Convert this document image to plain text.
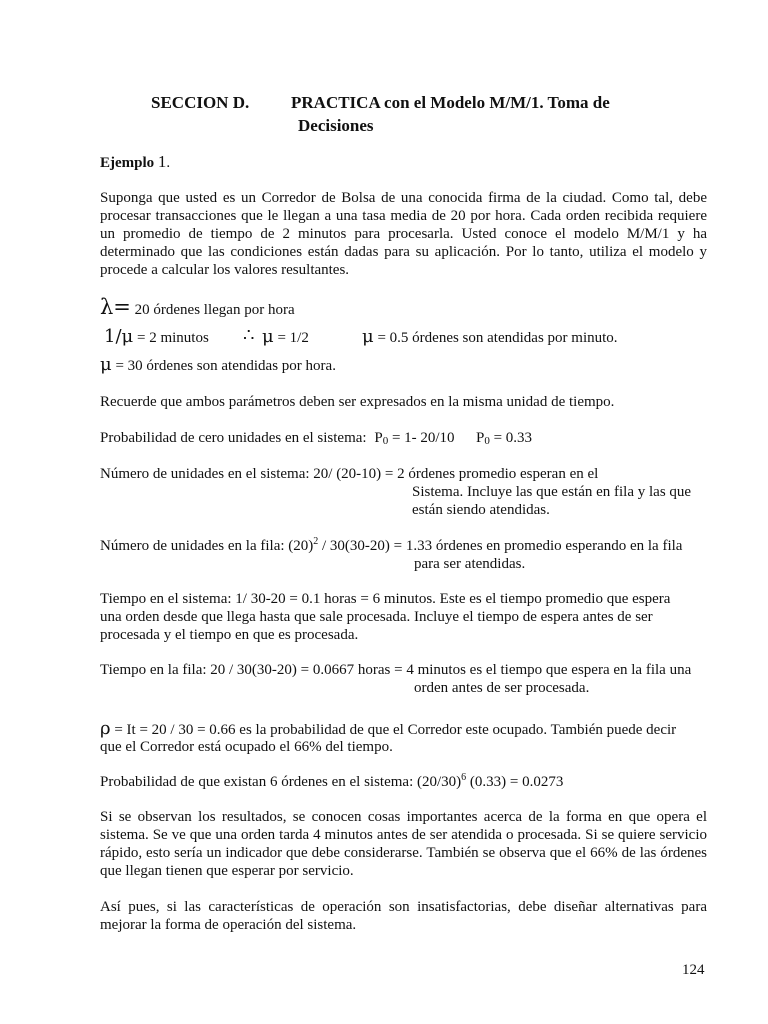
SECCION D. PRACTICA con el Modelo M/M/1. Toma de
Decisiones
Ejemplo 1.
Suponga que usted es un Corredor de Bolsa de una conocida firma de la ciudad. Como tal, debe procesar transacciones que le llegan a una tasa media de 20 por hora. Cada orden recibida requiere un promedio de tiempo de 2 minutos para procesarla. Usted conoce el modelo M/M/1 y ha determinado que las condiciones están dadas para su aplicación. Por lo tanto, utiliza el modelo y procede a calcular los valores resultantes.
λ= 20 órdenes llegan por hora
1/μ = 2 minutos ∴ μ = 1/2	μ = 0.5 órdenes son atendidas por minuto.
μ = 30 órdenes son atendidas por hora.
Recuerde que ambos parámetros deben ser expresados en la misma unidad de tiempo.
Probabilidad de cero unidades en el sistema: $P_0 = 1-$ 20/10 $P_0 = 0.33$
Número de unidades en el sistema: 20/ (20-10) = 2 órdenes promedio esperan en el
Sistema. Incluye las que están en fila y las que
están siendo atendidas.
Número de unidades en la fila: $(20)^2 / 30(30-20) = 1.33$ órdenes en promedio esperando en la fila
para ser atendidas.
Tiempo en el sistema: 1/ 30-20 = 0.1 horas = 6 minutos. Este es el tiempo promedio que espera
una orden desde que llega hasta que sale procesada. Incluye el tiempo de espera antes de ser
procesada y el tiempo en que es procesada.
Tiempo en la fila: 20 / 30(30-20) = 0.0667 horas = 4 minutos es el tiempo que espera en la fila una
orden antes de ser procesada.
ρ = It = 20 / 30 = 0.66 es la probabilidad de que el Corredor este ocupado. También puede decir
que el Corredor está ocupado el 66% del tiempo.
Probabilidad de que existan 6 órdenes en el sistema: $(20/30)^6$ (0.33) = 0.0273
Si se observan los resultados, se conocen cosas importantes acerca de la forma en que opera el sistema. Se ve que una orden tarda 4 minutos antes de ser atendida o procesada. Si se quiere servicio rápido, esto sería un indicador que debe considerarse. También se observa que el 66% de las órdenes que llegan tienen que esperar por servicio.
Así pues, si las características de operación son insatisfactorias, debe diseñar alternativas para mejorar la forma de operación del sistema.
124
